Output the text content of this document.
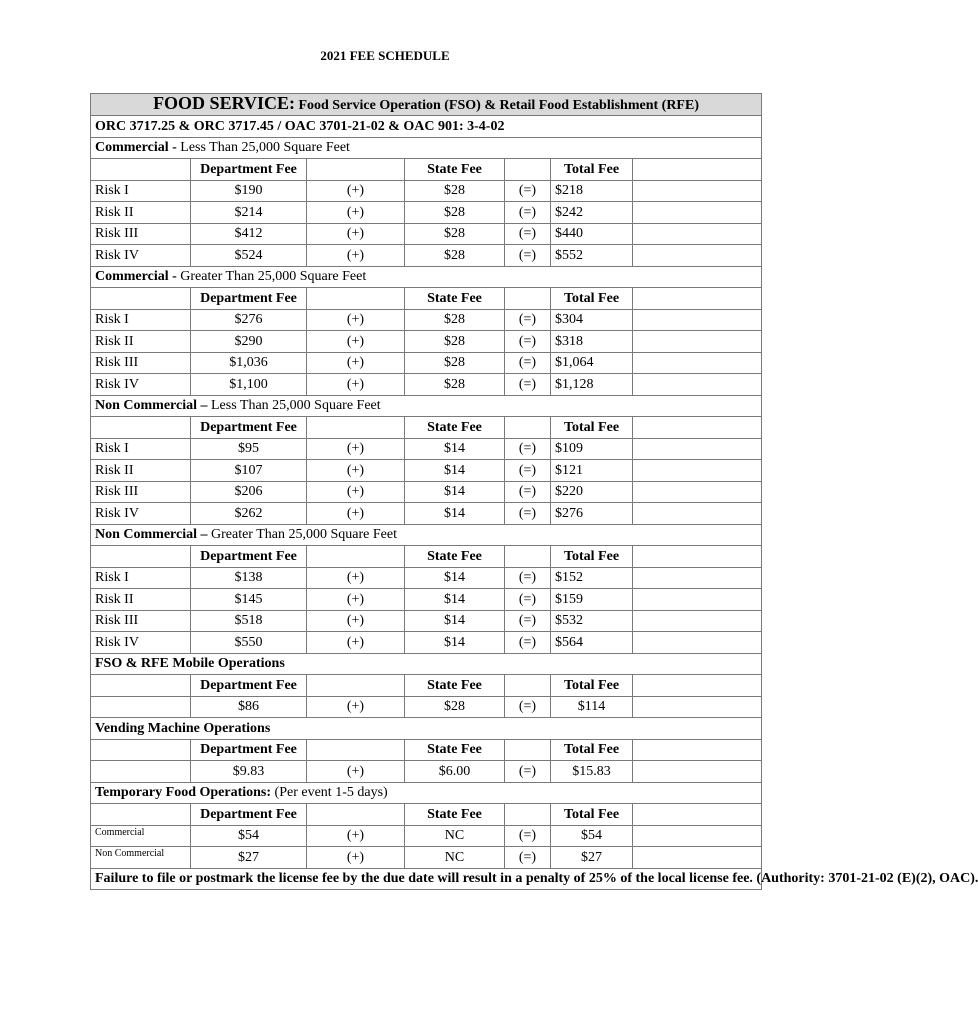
2021 FEE SCHEDULE
FOOD SERVICE: Food Service Operation (FSO) & Retail Food Establishment (RFE)						
ORC 3717.25 & ORC 3717.45 / OAC 3701-21-02 & OAC 901: 3-4-02						
Commercial - Less Than 25,000 Square Feet						
	Department Fee		State Fee		Total Fee	
Risk I	$190	(+)	$28	(=)	$218	
Risk II	$214	(+)	$28	(=)	$242	
Risk III	$412	(+)	$28	(=)	$440	
Risk IV	$524	(+)	$28	(=)	$552	
Commercial - Greater Than 25,000 Square Feet						
	Department Fee		State Fee		Total Fee	
Risk I	$276	(+)	$28	(=)	$304	
Risk II	$290	(+)	$28	(=)	$318	
Risk III	$1,036	(+)	$28	(=)	$1,064	
Risk IV	$1,100	(+)	$28	(=)	$1,128	
Non Commercial – Less Than 25,000 Square Feet						
	Department Fee		State Fee		Total Fee	
Risk I	$95	(+)	$14	(=)	$109	
Risk II	$107	(+)	$14	(=)	$121	
Risk III	$206	(+)	$14	(=)	$220	
Risk IV	$262	(+)	$14	(=)	$276	
Non Commercial – Greater Than 25,000 Square Feet						
	Department Fee		State Fee		Total Fee	
Risk I	$138	(+)	$14	(=)	$152	
Risk II	$145	(+)	$14	(=)	$159	
Risk III	$518	(+)	$14	(=)	$532	
Risk IV	$550	(+)	$14	(=)	$564	
FSO & RFE Mobile Operations						
	Department Fee		State Fee		Total Fee	
	$86	(+)	$28	(=)	$114	
Vending Machine Operations						
	Department Fee		State Fee		Total Fee	
	$9.83	(+)	$6.00	(=)	$15.83	
Temporary Food Operations: (Per event 1-5 days)						
	Department Fee		State Fee		Total Fee	
Commercial	$54	(+)	NC	(=)	$54	
Non Commercial	$27	(+)	NC	(=)	$27	
Failure to file or postmark the license fee by the due date will result in a penalty of 25% of the local license fee. (Authority: 3701-21-02 (E)(2), OAC).						
